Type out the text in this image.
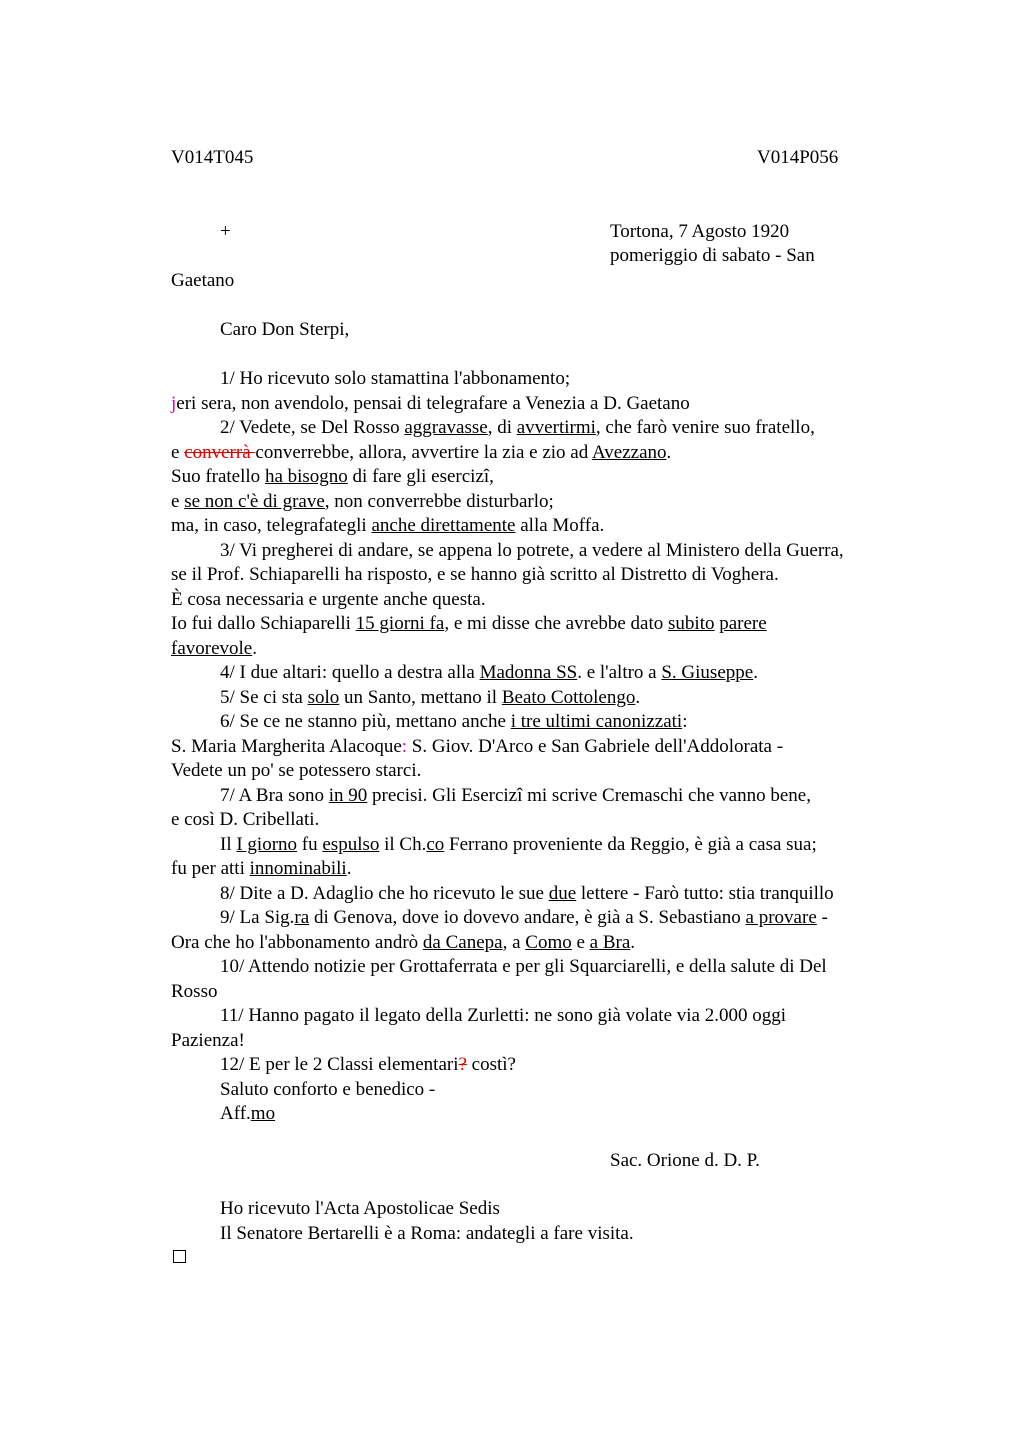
V014T045	V014P056
+	Tortona, 7 Agosto 1920
pomeriggio di sabato - San
Gaetano
Caro Don Sterpi,
1/ Ho ricevuto solo stamattina l'abbonamento;
jeri sera, non avendolo, pensai di telegrafare a Venezia a D. Gaetano
2/ Vedete, se Del Rosso aggravasse, di avvertirmi, che farò venire suo fratello,
e converrà converrebbe, allora, avvertire la zia e zio ad Avezzano.
Suo fratello ha bisogno di fare gli esercizi,
e se non c'è di grave, non converrebbe disturbarlo;
ma, in caso, telegrafategli anche direttamente alla Moffa.
3/ Vi pregherei di andare, se appena lo potrete, a vedere al Ministero della Guerra,
se il Prof. Schiaparelli ha risposto, e se hanno già scritto al Distretto di Voghera.
È cosa necessaria e urgente anche questa.
Io fui dallo Schiaparelli 15 giorni fa, e mi disse che avrebbe dato subito parere
favorevole.
4/ I due altari: quello a destra alla Madonna SS. e l'altro a S. Giuseppe.
5/ Se ci sta solo un Santo, mettano il Beato Cottolengo.
6/ Se ce ne stanno più, mettano anche i tre ultimi canonizzati:
S. Maria Margherita Alacoque: S. Giov. D'Arco e San Gabriele dell'Addolorata -
Vedete un po' se potessero starci.
7/ A Bra sono in 90 precisi. Gli Esercizi mi scrive Cremaschi che vanno bene,
e così D. Cribellati.
Il I giorno fu espulso il Ch.co Ferrano proveniente da Reggio, è già a casa sua;
fu per atti innominabili.
8/ Dite a D. Adaglio che ho ricevuto le sue due lettere - Farò tutto: stia tranquillo
9/ La Sig.ra di Genova, dove io dovevo andare, è già a S. Sebastiano a provare -
Ora che ho l'abbonamento andrò da Canepa, a Como e a Bra.
10/ Attendo notizie per Grottaferrata e per gli Squarciarelli, e della salute di Del
Rosso
11/ Hanno pagato il legato della Zurletti: ne sono già volate via 2.000 oggi
Pazienza!
12/ E per le 2 Classi elementari? costì?
Saluto conforto e benedico -
Aff.mo
Sac. Orione d. D. P.
Ho ricevuto l'Acta Apostolicae Sedis
Il Senatore Bertarelli è a Roma: andategli a fare visita.
